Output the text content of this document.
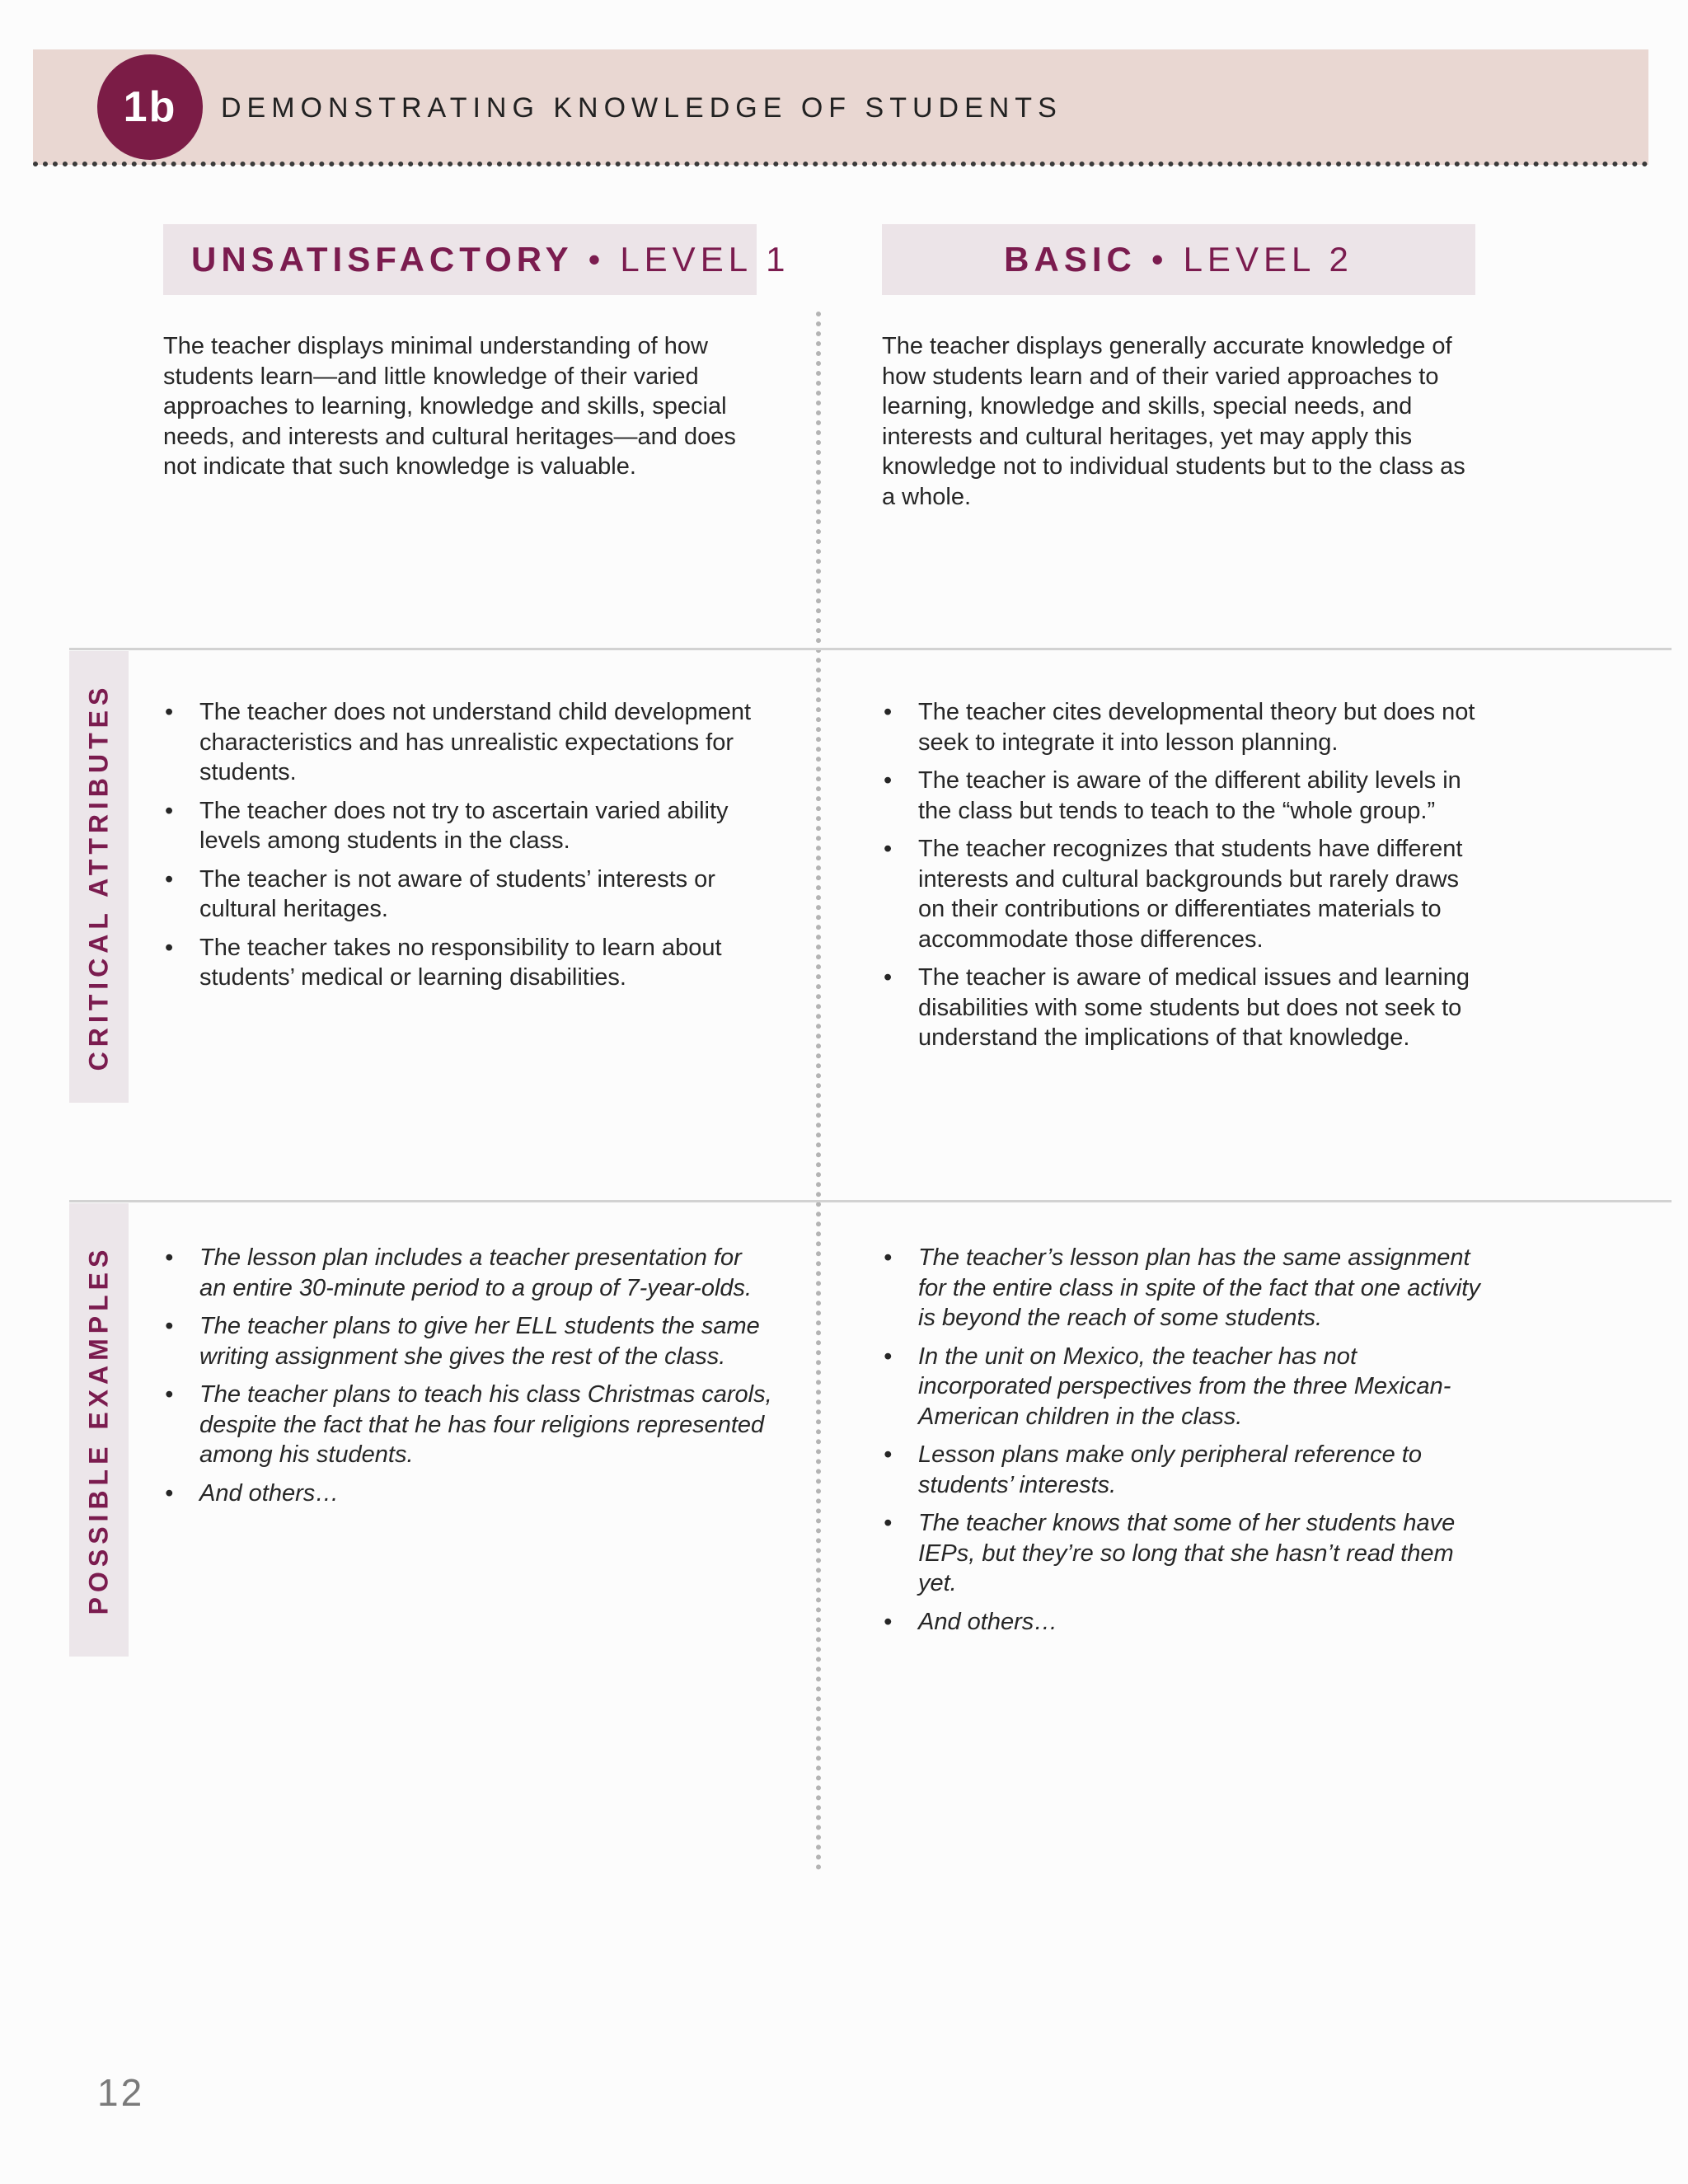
1b	DEMONSTRATING KNOWLEDGE OF STUDENTS
UNSATISFACTORY • LEVEL 1	BASIC • LEVEL 2
The teacher displays minimal understanding of how students learn—and little knowledge of their varied approaches to learning, knowledge and skills, special needs, and interests and cultural heritages—and does not indicate that such knowledge is valuable.
The teacher displays generally accurate knowledge of how students learn and of their varied approaches to learning, knowledge and skills, special needs, and interests and cultural heritages, yet may apply this knowledge not to individual students but to the class as a whole.
CRITICAL ATTRIBUTES
POSSIBLE EXAMPLES
• The teacher does not understand child development characteristics and has unrealistic expectations for students.
• The teacher does not try to ascertain varied ability levels among students in the class.
• The teacher is not aware of students’ interests or cultural heritages.
• The teacher takes no responsibility to learn about students’ medical or learning disabilities.
• The teacher cites developmental theory but does not seek to integrate it into lesson planning.
• The teacher is aware of the different ability levels in the class but tends to teach to the “whole group.”
• The teacher recognizes that students have different interests and cultural backgrounds but rarely draws on their contributions or differentiates materials to accommodate those differences.
• The teacher is aware of medical issues and learning disabilities with some students but does not seek to understand the implications of that knowledge.
• The lesson plan includes a teacher presentation for an entire 30-minute period to a group of 7-year-olds.
• The teacher plans to give her ELL students the same writing assignment she gives the rest of the class.
• The teacher plans to teach his class Christmas carols, despite the fact that he has four religions represented among his students.
• And others…
• The teacher’s lesson plan has the same assignment for the entire class in spite of the fact that one activity is beyond the reach of some students.
• In the unit on Mexico, the teacher has not incorporated perspectives from the three Mexican-American children in the class.
• Lesson plans make only peripheral reference to students’ interests.
• The teacher knows that some of her students have IEPs, but they’re so long that she hasn’t read them yet.
• And others…
12
